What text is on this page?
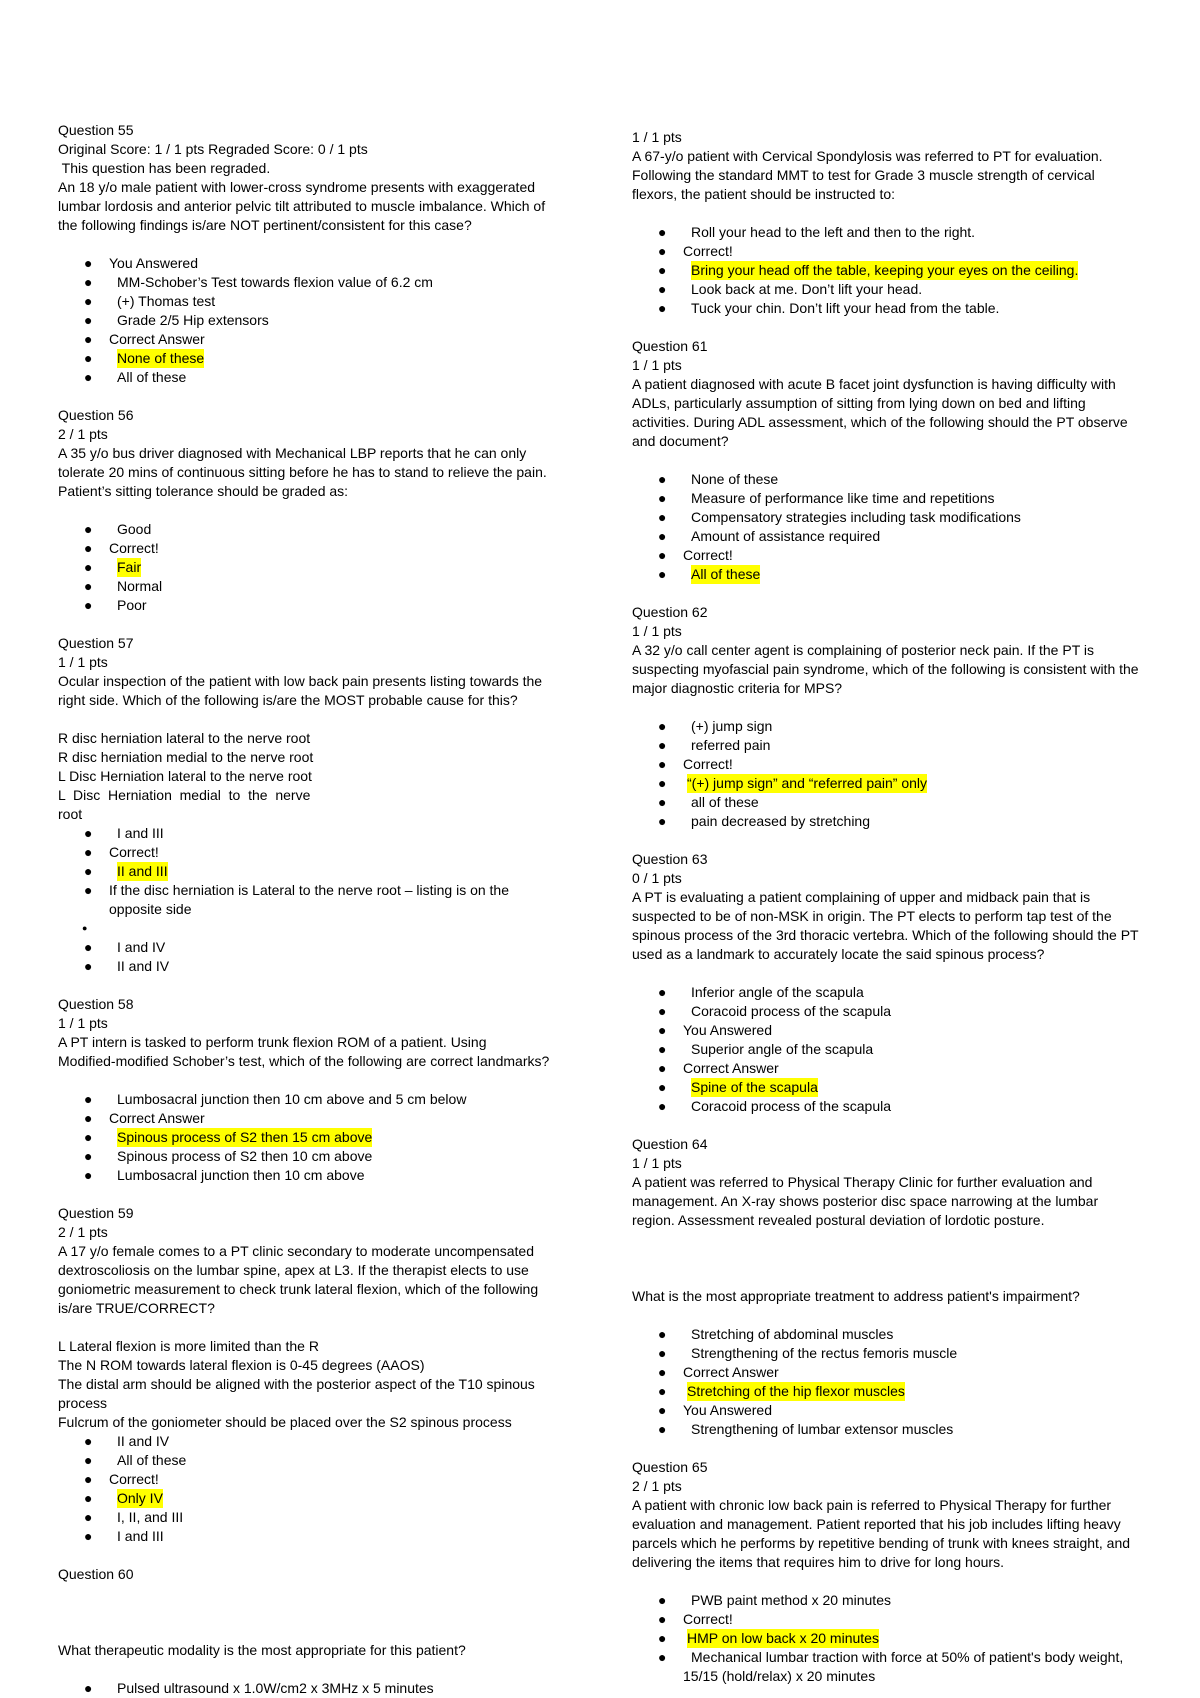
Question 55
Original Score: 1 / 1 pts Regraded Score: 0 / 1 pts
This question has been regraded.
An 18 y/o male patient with lower-cross syndrome presents with exaggerated
lumbar lordosis and anterior pelvic tilt attributed to muscle imbalance. Which of
the following findings is/are NOT pertinent/consistent for this case?
● You Answered
● MM-Schober’s Test towards flexion value of 6.2 cm
● (+) Thomas test
● Grade 2/5 Hip extensors
● Correct Answer
● None of these
● All of these
Question 56
2 / 1 pts
A 35 y/o bus driver diagnosed with Mechanical LBP reports that he can only
tolerate 20 mins of continuous sitting before he has to stand to relieve the pain.
Patient’s sitting tolerance should be graded as:
● Good
● Correct!
● Fair
● Normal
● Poor
Question 57
1 / 1 pts
Ocular inspection of the patient with low back pain presents listing towards the
right side. Which of the following is/are the MOST probable cause for this?
R disc herniation lateral to the nerve root
R disc herniation medial to the nerve root
L Disc Herniation lateral to the nerve root
L  Disc  Herniation  medial  to  the  nerve
root
● I and III
● Correct!
● II and III
● If the disc herniation is Lateral to the nerve root – listing is on the
opposite side
●
● I and IV
● II and IV
Question 58
1 / 1 pts
A PT intern is tasked to perform trunk flexion ROM of a patient. Using
Modified-modified Schober’s test, which of the following are correct landmarks?
● Lumbosacral junction then 10 cm above and 5 cm below
● Correct Answer
● Spinous process of S2 then 15 cm above
● Spinous process of S2 then 10 cm above
● Lumbosacral junction then 10 cm above
Question 59
2 / 1 pts
A 17 y/o female comes to a PT clinic secondary to moderate uncompensated
dextroscoliosis on the lumbar spine, apex at L3. If the therapist elects to use
goniometric measurement to check trunk lateral flexion, which of the following
is/are TRUE/CORRECT?
L Lateral flexion is more limited than the R
The N ROM towards lateral flexion is 0-45 degrees (AAOS)
The distal arm should be aligned with the posterior aspect of the T10 spinous
process
Fulcrum of the goniometer should be placed over the S2 spinous process
● II and IV
● All of these
● Correct!
● Only IV
● I, II, and III
● I and III
Question 60
What therapeutic modality is the most appropriate for this patient?
● Pulsed ultrasound x 1.0W/cm2 x 3MHz x 5 minutes
1 / 1 pts
A 67-y/o patient with Cervical Spondylosis was referred to PT for evaluation.
Following the standard MMT to test for Grade 3 muscle strength of cervical
flexors, the patient should be instructed to:
● Roll your head to the left and then to the right.
● Correct!
● Bring your head off the table, keeping your eyes on the ceiling.
● Look back at me. Don’t lift your head.
● Tuck your chin. Don’t lift your head from the table.
Question 61
1 / 1 pts
A patient diagnosed with acute B facet joint dysfunction is having difficulty with
ADLs, particularly assumption of sitting from lying down on bed and lifting
activities. During ADL assessment, which of the following should the PT observe
and document?
● None of these
● Measure of performance like time and repetitions
● Compensatory strategies including task modifications
● Amount of assistance required
● Correct!
● All of these
Question 62
1 / 1 pts
A 32 y/o call center agent is complaining of posterior neck pain. If the PT is
suspecting myofascial pain syndrome, which of the following is consistent with the
major diagnostic criteria for MPS?
● (+) jump sign
● referred pain
● Correct!
● “(+) jump sign” and “referred pain” only
● all of these
● pain decreased by stretching
Question 63
0 / 1 pts
A PT is evaluating a patient complaining of upper and midback pain that is
suspected to be of non-MSK in origin. The PT elects to perform tap test of the
spinous process of the 3rd thoracic vertebra. Which of the following should the PT
used as a landmark to accurately locate the said spinous process?
● Inferior angle of the scapula
● Coracoid process of the scapula
● You Answered
● Superior angle of the scapula
● Correct Answer
● Spine of the scapula
● Coracoid process of the scapula
Question 64
1 / 1 pts
A patient was referred to Physical Therapy Clinic for further evaluation and
management. An X-ray shows posterior disc space narrowing at the lumbar
region. Assessment revealed postural deviation of lordotic posture.
What is the most appropriate treatment to address patient's impairment?
● Stretching of abdominal muscles
● Strengthening of the rectus femoris muscle
● Correct Answer
● Stretching of the hip flexor muscles
● You Answered
● Strengthening of lumbar extensor muscles
Question 65
2 / 1 pts
A patient with chronic low back pain is referred to Physical Therapy for further
evaluation and management. Patient reported that his job includes lifting heavy
parcels which he performs by repetitive bending of trunk with knees straight, and
delivering the items that requires him to drive for long hours.
● PWB paint method x 20 minutes
● Correct!
● HMP on low back x 20 minutes
● Mechanical lumbar traction with force at 50% of patient's body weight,
15/15 (hold/relax) x 20 minutes
